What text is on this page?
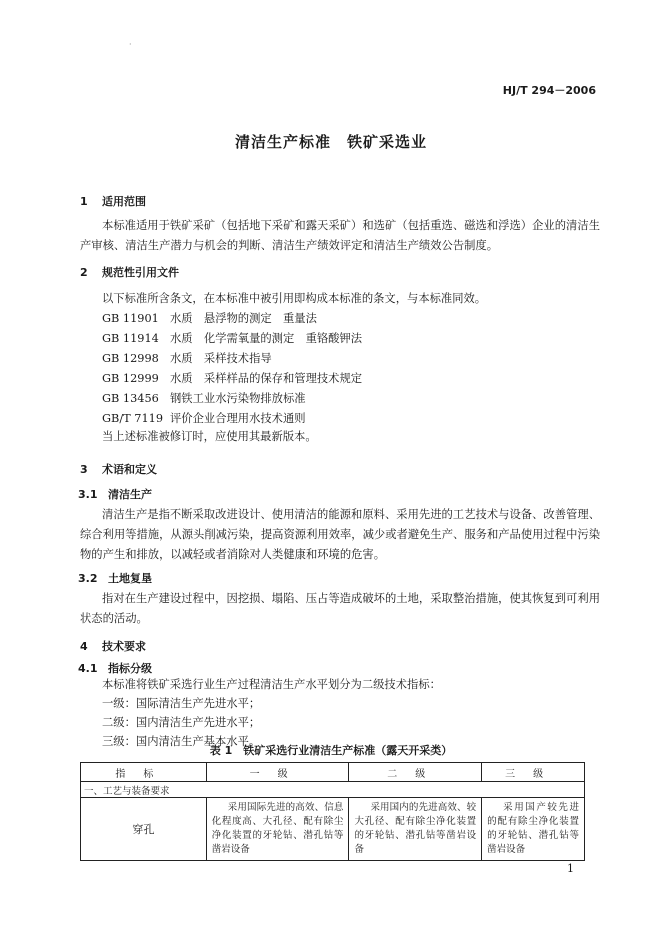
·
HJ/T 294－2006
清洁生产标准　铁矿采选业
1 适用范围
本标准适用于铁矿采矿（包括地下采矿和露天采矿）和选矿（包括重选、磁选和浮选）企业的清洁生产审核、清洁生产潜力与机会的判断、清洁生产绩效评定和清洁生产绩效公告制度。
2 规范性引用文件
以下标准所含条文，在本标准中被引用即构成本标准的条文，与本标准同效。
GB 11901 水质　悬浮物的测定　重量法
GB 11914 水质　化学需氧量的测定　重铬酸钾法
GB 12998 水质　采样技术指导
GB 12999 水质　采样样品的保存和管理技术规定
GB 13456 钢铁工业水污染物排放标准
GB/T 7119 评价企业合理用水技术通则
当上述标准被修订时，应使用其最新版本。
3 术语和定义
3.1 清洁生产
清洁生产是指不断采取改进设计、使用清洁的能源和原料、采用先进的工艺技术与设备、改善管理、综合利用等措施，从源头削减污染，提高资源利用效率，减少或者避免生产、服务和产品使用过程中污染物的产生和排放，以减轻或者消除对人类健康和环境的危害。
3.2 土地复垦
指对在生产建设过程中，因挖损、塌陷、压占等造成破坏的土地，采取整治措施，使其恢复到可利用状态的活动。
4 技术要求
4.1 指标分级
本标准将铁矿采选行业生产过程清洁生产水平划分为二级技术指标：
一级：国际清洁生产先进水平；
二级：国内清洁生产先进水平；
三级：国内清洁生产基本水平。
表 1　铁矿采选行业清洁生产标准（露天开采类）
指标	一级	二级	三级
一、工艺与装备要求			
穿孔	采用国际先进的高效、信息化程度高、大孔径、配有除尘净化装置的牙轮钻、潜孔钻等凿岩设备	采用国内的先进高效、较大孔径、配有除尘净化装置的牙轮钻、潜孔钻等凿岩设备	采用国产较先进的配有除尘净化装置的牙轮钻、潜孔钻等凿岩设备
1
